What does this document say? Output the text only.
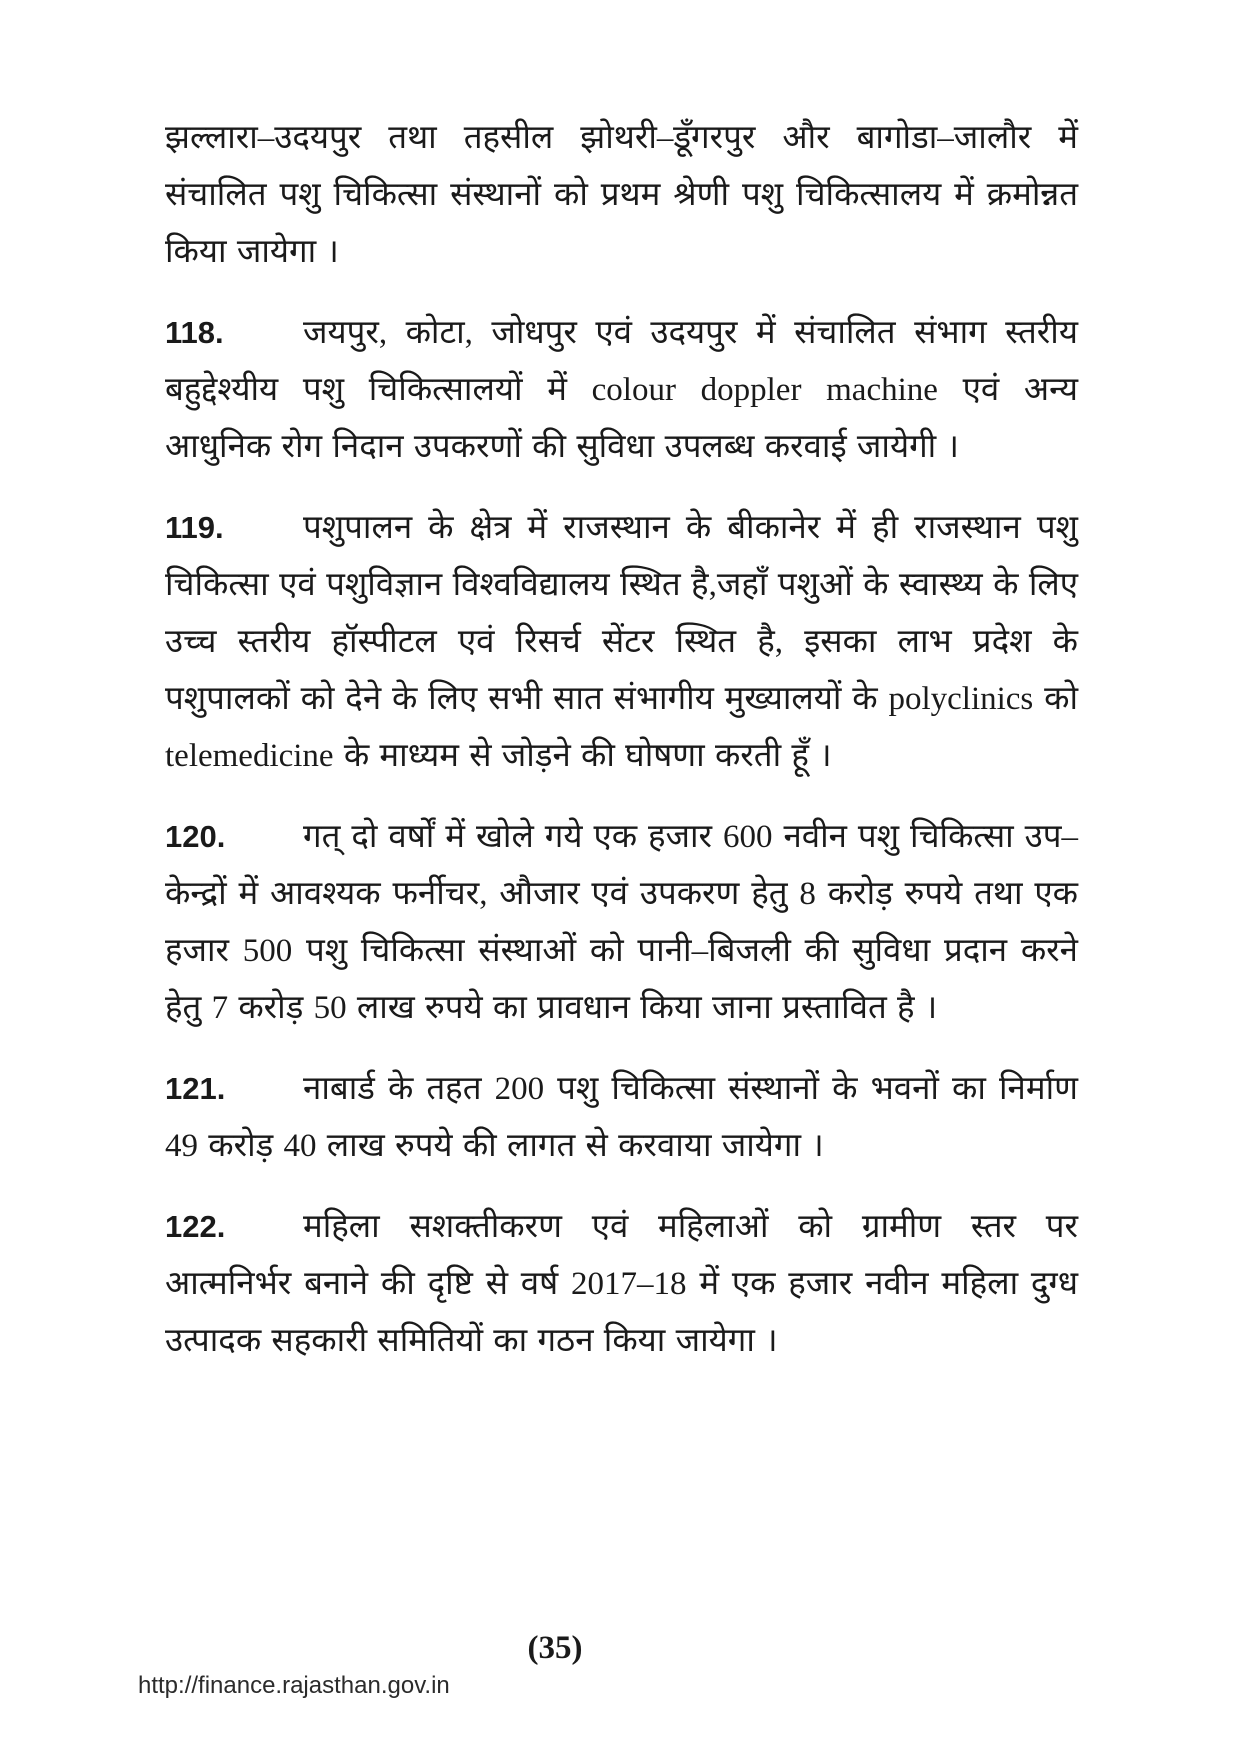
झल्लारा–उदयपुर तथा तहसील झोथरी–डूँगरपुर और बागोडा–जालौर में संचालित पशु चिकित्सा संस्थानों को प्रथम श्रेणी पशु चिकित्सालय में क्रमोन्नत किया जायेगा ।

118. जयपुर, कोटा, जोधपुर एवं उदयपुर में संचालित संभाग स्तरीय बहुद्देश्यीय पशु चिकित्सालयों में colour doppler machine एवं अन्य आधुनिक रोग निदान उपकरणों की सुविधा उपलब्ध करवाई जायेगी ।

119. पशुपालन के क्षेत्र में राजस्थान के बीकानेर में ही राजस्थान पशु चिकित्सा एवं पशुविज्ञान विश्वविद्यालय स्थित है,जहाँ पशुओं के स्वास्थ्य के लिए उच्च स्तरीय हॉस्पीटल एवं रिसर्च सेंटर स्थित है, इसका लाभ प्रदेश के पशुपालकों को देने के लिए सभी सात संभागीय मुख्यालयों के polyclinics को telemedicine के माध्यम से जोड़ने की घोषणा करती हूँ ।

120. गत् दो वर्षों में खोले गये एक हजार 600 नवीन पशु चिकित्सा उप–केन्द्रों में आवश्यक फर्नीचर, औजार एवं उपकरण हेतु 8 करोड़ रुपये तथा एक हजार 500 पशु चिकित्सा संस्थाओं को पानी–बिजली की सुविधा प्रदान करने हेतु 7 करोड़ 50 लाख रुपये का प्रावधान किया जाना प्रस्तावित है ।

121. नाबार्ड के तहत 200 पशु चिकित्सा संस्थानों के भवनों का निर्माण 49 करोड़ 40 लाख रुपये की लागत से करवाया जायेगा ।

122. महिला सशक्तीकरण एवं महिलाओं को ग्रामीण स्तर पर आत्मनिर्भर बनाने की दृष्टि से वर्ष 2017–18 में एक हजार नवीन महिला दुग्ध उत्पादक सहकारी समितियों का गठन किया जायेगा ।

(35)
http://finance.rajasthan.gov.in
